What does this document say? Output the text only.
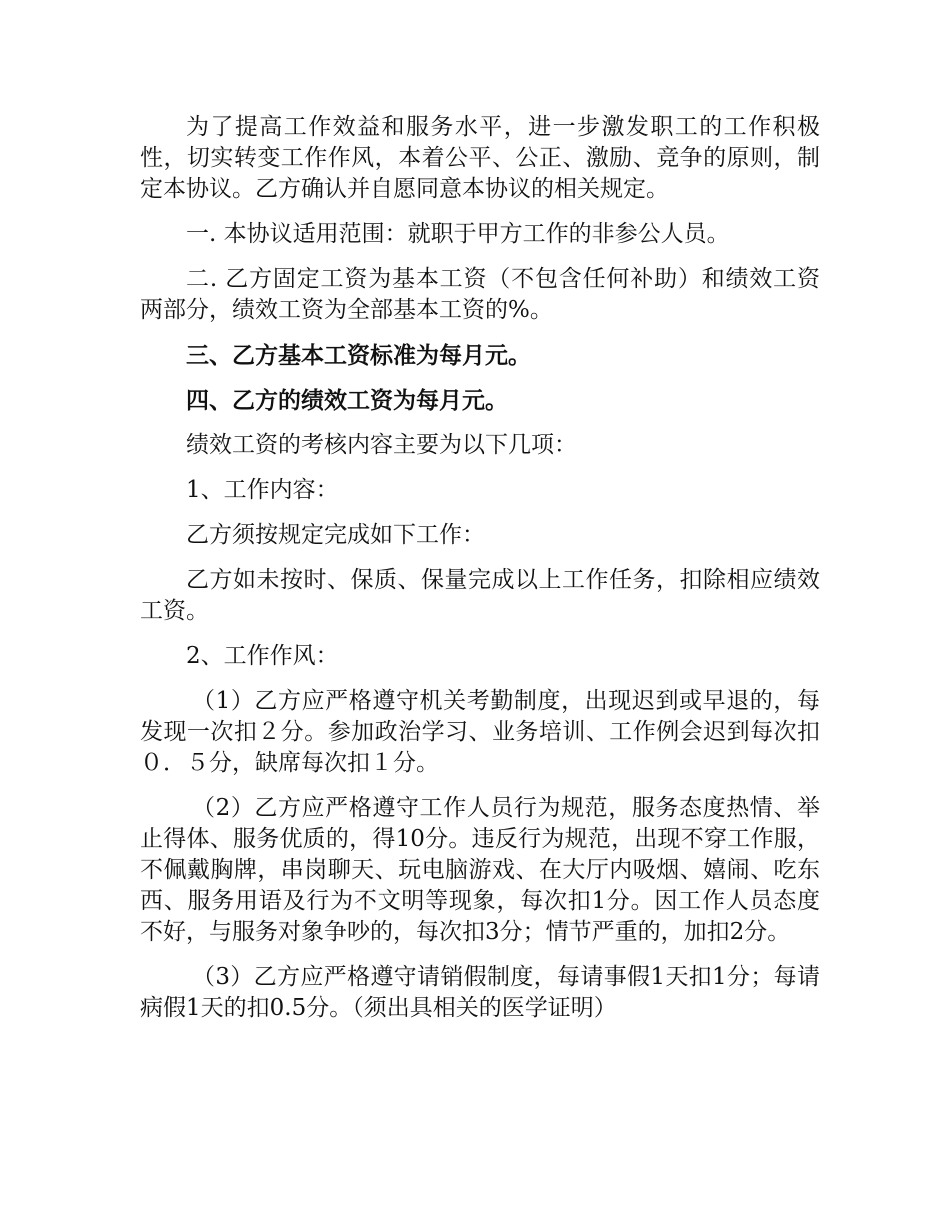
为了提高工作效益和服务水平，进一步激发职工的工作积极性，切实转变工作作风，本着公平、公正、激励、竞争的原则，制定本协议。乙方确认并自愿同意本协议的相关规定。

一. 本协议适用范围：就职于甲方工作的非参公人员。

二. 乙方固定工资为基本工资（不包含任何补助）和绩效工资两部分，绩效工资为全部基本工资的%。

三、乙方基本工资标准为每月元。

四、乙方的绩效工资为每月元。

绩效工资的考核内容主要为以下几项：

1、工作内容：

乙方须按规定完成如下工作：

乙方如未按时、保质、保量完成以上工作任务，扣除相应绩效工资。

2、工作作风：

（1）乙方应严格遵守机关考勤制度，出现迟到或早退的，每发现一次扣２分。参加政治学习、业务培训、工作例会迟到每次扣０．５分，缺席每次扣１分。

（2）乙方应严格遵守工作人员行为规范，服务态度热情、举止得体、服务优质的，得10分。违反行为规范，出现不穿工作服，不佩戴胸牌，串岗聊天、玩电脑游戏、在大厅内吸烟、嬉闹、吃东西、服务用语及行为不文明等现象，每次扣1分。因工作人员态度不好，与服务对象争吵的，每次扣3分；情节严重的，加扣2分。

（3）乙方应严格遵守请销假制度，每请事假1天扣1分；每请病假1天的扣0.5分。（须出具相关的医学证明）
